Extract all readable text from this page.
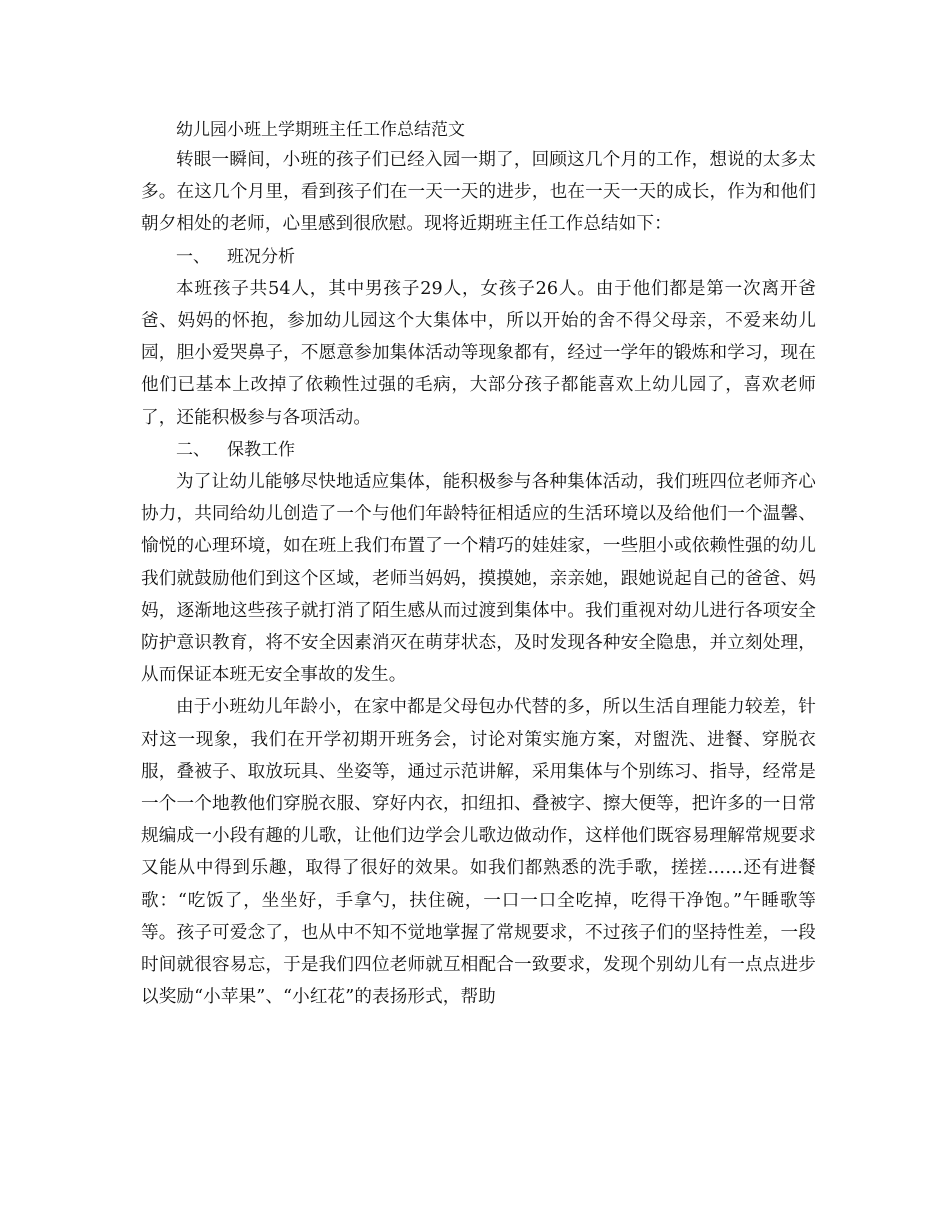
幼儿园小班上学期班主任工作总结范文

转眼一瞬间，小班的孩子们已经入园一期了，回顾这几个月的工作，想说的太多太多。在这几个月里，看到孩子们在一天一天的进步，也在一天一天的成长，作为和他们朝夕相处的老师，心里感到很欣慰。现将近期班主任工作总结如下：

一、 班况分析

本班孩子共54人，其中男孩子29人，女孩子26人。由于他们都是第一次离开爸爸、妈妈的怀抱，参加幼儿园这个大集体中，所以开始的舍不得父母亲，不爱来幼儿园，胆小爱哭鼻子，不愿意参加集体活动等现象都有，经过一学年的锻炼和学习，现在他们已基本上改掉了依赖性过强的毛病，大部分孩子都能喜欢上幼儿园了，喜欢老师了，还能积极参与各项活动。

二、 保教工作

为了让幼儿能够尽快地适应集体，能积极参与各种集体活动，我们班四位老师齐心协力，共同给幼儿创造了一个与他们年龄特征相适应的生活环境以及给他们一个温馨、愉悦的心理环境，如在班上我们布置了一个精巧的娃娃家，一些胆小或依赖性强的幼儿我们就鼓励他们到这个区域，老师当妈妈，摸摸她，亲亲她，跟她说起自己的爸爸、妈妈，逐渐地这些孩子就打消了陌生感从而过渡到集体中。我们重视对幼儿进行各项安全防护意识教育，将不安全因素消灭在萌芽状态，及时发现各种安全隐患，并立刻处理，从而保证本班无安全事故的发生。

由于小班幼儿年龄小，在家中都是父母包办代替的多，所以生活自理能力较差，针对这一现象，我们在开学初期开班务会，讨论对策实施方案，对盥洗、进餐、穿脱衣服，叠被子、取放玩具、坐姿等，通过示范讲解，采用集体与个别练习、指导，经常是一个一个地教他们穿脱衣服、穿好内衣，扣纽扣、叠被字、擦大便等，把许多的一日常规编成一小段有趣的儿歌，让他们边学会儿歌边做动作，这样他们既容易理解常规要求又能从中得到乐趣，取得了很好的效果。如我们都熟悉的洗手歌，搓搓……还有进餐歌：“吃饭了，坐坐好，手拿勺，扶住碗，一口一口全吃掉，吃得干净饱。”午睡歌等等。孩子可爱念了，也从中不知不觉地掌握了常规要求，不过孩子们的坚持性差，一段时间就很容易忘，于是我们四位老师就互相配合一致要求，发现个别幼儿有一点点进步以奖励“小苹果”、“小红花”的表扬形式，帮助
